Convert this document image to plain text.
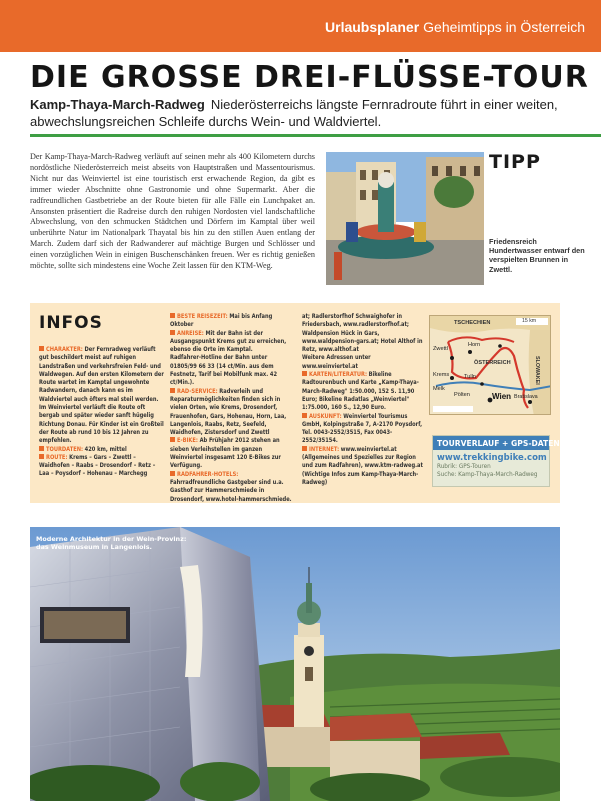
Urlaubsplaner Geheimtipps in Österreich
DIE GROSSE DREI-FLÜSSE-TOUR

Kamp-Thaya-March-Radweg Niederösterreichs längste Fernradroute führt in einer weiten, abwechslungsreichen Schleife durchs Wein- und Waldviertel.

Der Kamp-Thaya-March-Radweg verläuft auf seinen mehr als 400 Kilometern durchs nordöstliche Niederösterreich meist abseits von Hauptstraßen und Massentourismus. Nicht nur das Weinviertel ist eine touristisch erst erwachende Region, da gibt es immer wieder Abschnitte ohne Gastronomie und ohne Supermarkt. Aber die radfreundlichen Gastbetriebe an der Route bieten für alle Fälle ein Lunchpaket an. Ansonsten präsentiert die Radreise durch den ruhigen Nordosten viel landschaftliche Abwechslung, von den schmucken Städtchen und Dörfern im Kamptal über weil unberührte Natur im Nationalpark Thayatal bis hin zu den stillen Auen entlang der March. Zudem darf sich der Radwanderer auf mächtige Burgen und Schlösser und einen vorzüglichen Wein in einigen Buschenschänken freuen. Wer es richtig genießen möchte, sollte sich mindestens eine Woche Zeit lassen für den KTM-Weg.

TIPP
Friedensreich Hundertwasser entwarf den verspielten Brunnen in Zwettl.
INFOS

CHARAKTER: Der Fernradweg verläuft gut beschildert meist auf ruhigen Landstraßen und verkehrsfreien Feld- und Waldwegen. Auf den ersten Kilometern der Route wartet im Kamptal ungewohnte Radwandern, danach kann es im Waldviertel auch öfters mal steil werden. Im Weinviertel verläuft die Route oft bergab und später wieder sanft hügelig Richtung Donau. Für Kinder ist ein Großteil der Route ab rund 10 bis 12 Jahren zu empfehlen.

TOURDATEN: 420 km, mittel

ROUTE: Krems – Gars – Zwettl – Waidhofen – Raabs – Drosendorf – Retz – Laa – Poysdorf – Hohenau – Marchegg

BESTE REISEZEIT: Mai bis Anfang Oktober

ANREISE: Mit der Bahn ist der Ausgangspunkt Krems gut zu erreichen, ebenso die Orte im Kamptal.

Radfahrer-Hotline der Bahn unter 01805/99 66 33 (14 ct/Min. aus dem Festnetz, Tarif bei Mobilfunk max. 42 ct/Min.).

RAD-SERVICE: Radverleih und Reparaturmöglichkeiten finden sich in vielen Orten, wie Krems, Drosendorf, Frauenhofen, Gars, Hohenau, Horn, Laa, Langenlois, Raabs, Retz, Seefeld, Waidhofen, Zistersdorf und Zwettl

E-BIKE: Ab Frühjahr 2012 stehen an sieben Verleihstellen im ganzen Weinviertel insgesamt 120 E-Bikes zur Verfügung.

RADFAHRER-HOTELS: Fahrradfreundliche Gastgeber sind u.a. Gasthof zur Hammerschmiede in Drosendorf, www.hotel-hammerschmiede.

at; Radlerstorfhof Schwaighofer in Friedersbach, www.radlerstorfhof.at; Waldpension Hück in Gars, www.waldpension-gars.at; Hotel Althof in Retz, www.althof.at

Weitere Adressen unter www.weinviertel.at

KARTEN/LITERATUR: Bikeline Radtourenbuch und Karte „Kamp-Thaya-March-Radweg" 1:50.000, 152 S. 11,90 Euro; Bikeline Radatlas „Weinviertel" 1:75.000, 160 S., 12,90 Euro.

AUSKUNFT: Weinviertel Tourismus GmbH, Kolpingstraße 7, A-2170 Poysdorf, Tel. 0043-2552/3515, Fax 0043-2552/35154.

INTERNET: www.weinviertel.at (Allgemeines und Spezielles zur Region und zum Radfahren), www.ktm-radweg.at (Wichtige Infos zum Kamp-Thaya-March-Radweg)

TSCHECHIEN
Zwettl
Horn
ÖSTERREICH
Krems	Tulln
Melk
Pölten	Wien Bratislava
SLOWAKEI
15 km
TOURVERLAUF + GPS-DATEN
www.trekkingbike.com
Rubrik: GPS-Touren
Suche: Kamp-Thaya-March-Radweg
Moderne Architektur in der Wein-Provinz: das Weinmuseum in Langenlois.
